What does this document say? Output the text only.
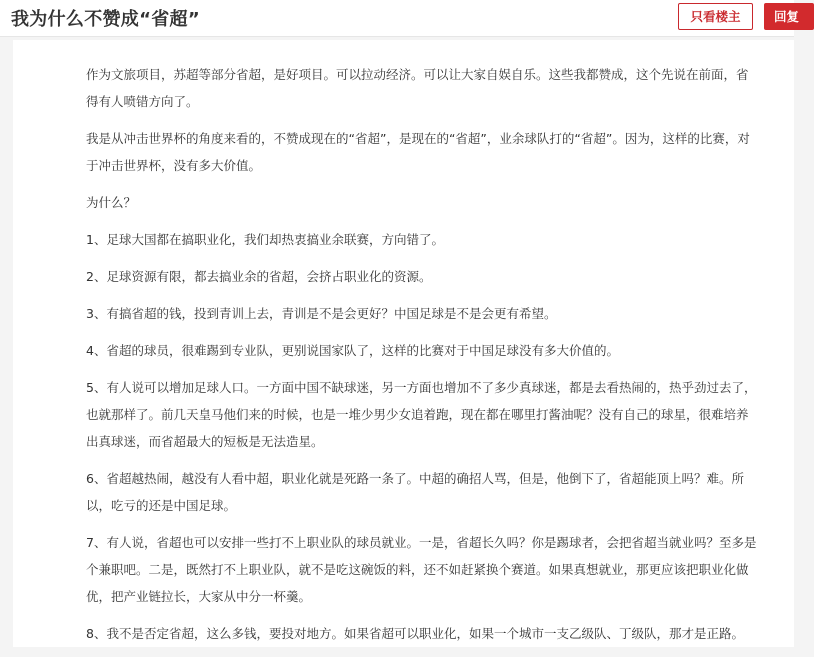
我为什么不赞成“省超”	只看楼主	回复

作为文旅项目，苏超等部分省超，是好项目。可以拉动经济。可以让大家自娱自乐。这些我都赞成，这个先说在前面，省得有人喷错方向了。

我是从冲击世界杯的角度来看的，不赞成现在的“省超”，是现在的“省超”，业余球队打的“省超”。因为，这样的比赛，对于冲击世界杯，没有多大价值。

为什么？

1、足球大国都在搞职业化，我们却热衷搞业余联赛，方向错了。

2、足球资源有限，都去搞业余的省超，会挤占职业化的资源。

3、有搞省超的钱，投到青训上去，青训是不是会更好？中国足球是不是会更有希望。

4、省超的球员，很难踢到专业队，更别说国家队了，这样的比赛对于中国足球没有多大价值的。

5、有人说可以增加足球人口。一方面中国不缺球迷，另一方面也增加不了多少真球迷，都是去看热闹的，热乎劲过去了，也就那样了。前几天皇马他们来的时候，也是一堆少男少女追着跑，现在都在哪里打酱油呢？没有自己的球星，很难培养出真球迷，而省超最大的短板是无法造星。

6、省超越热闹，越没有人看中超，职业化就是死路一条了。中超的确招人骂，但是，他倒下了，省超能顶上吗？难。所以，吃亏的还是中国足球。

7、有人说，省超也可以安排一些打不上职业队的球员就业。一是，省超长久吗？你是踢球者，会把省超当就业吗？至多是个兼职吧。二是，既然打不上职业队，就不是吃这碗饭的料，还不如赶紧换个赛道。如果真想就业，那更应该把职业化做优，把产业链拉长，大家从中分一杯羹。

8、我不是否定省超，这么多钱，要投对地方。如果省超可以职业化，如果一个城市一支乙级队、丁级队，那才是正路。
